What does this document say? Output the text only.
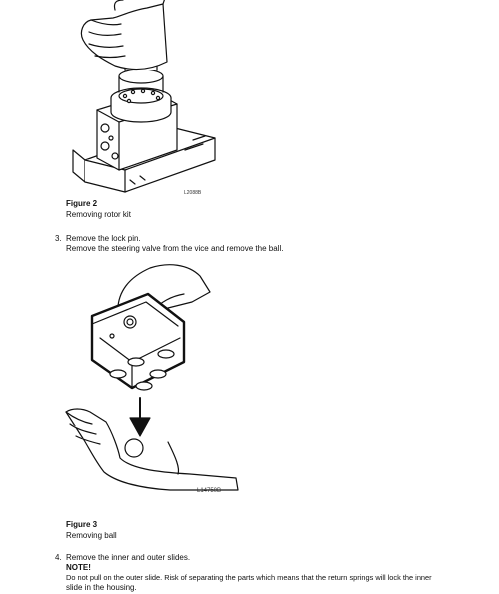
L2088B
Figure 2
Removing rotor kit
3. Remove the lock pin.
Remove the steering valve from the vice and remove the ball.
L14750B
Figure 3
Removing ball
4. Remove the inner and outer slides.
NOTE!
Do not pull on the outer slide. Risk of separating the parts which means that the return springs will lock the inner
slide in the housing.
